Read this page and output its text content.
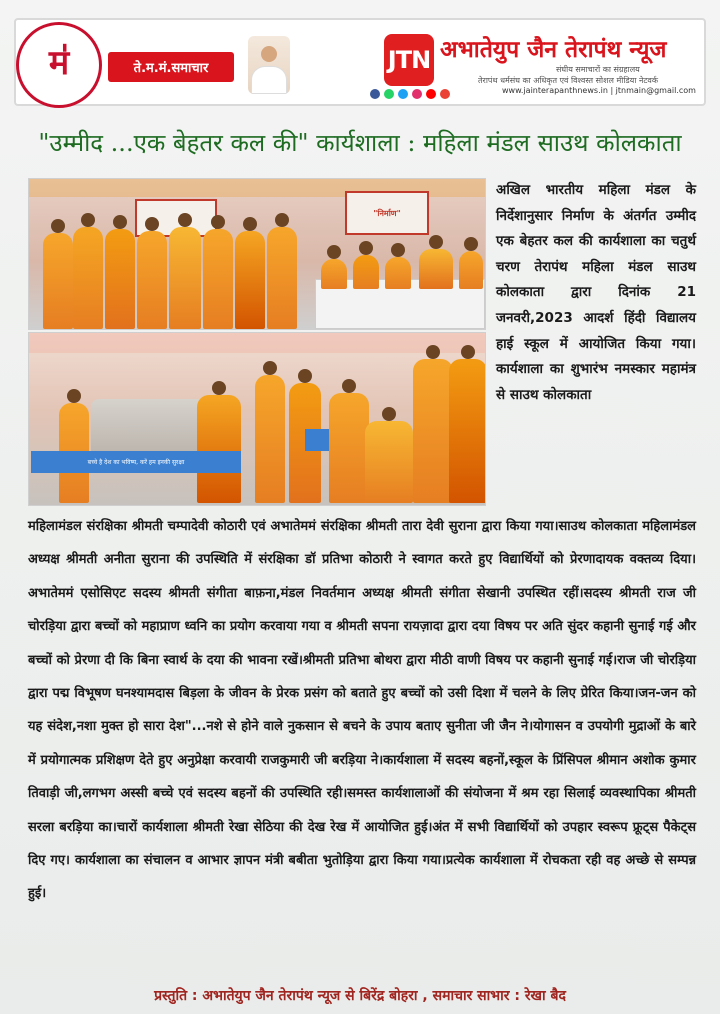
म॑	ते.म.मं.समाचार	JTN अभातेयुप जैन तेरापंथ न्यूज
संघीय समाचारों का संग्रहालय
तेरापंथ धर्मसंघ का अधिकृत एवं विश्वस्त सोशल मीडिया नेटवर्क
www.jainterapanthnews.in | jtnmain@gmail.com
"उम्मीद ...एक बेहतर कल की" कार्यशाला : महिला मंडल साउथ कोलकाता
"निर्माण"
बच्चे है देश का भविष्य, करें हम इनकी सुरक्षा
अखिल भारतीय महिला मंडल के निर्देशानुसार निर्माण के अंतर्गत उम्मीद एक बेहतर कल की कार्यशाला का चतुर्थ चरण तेरापंथ महिला मंडल साउथ कोलकाता द्वारा दिनांक 21 जनवरी,2023 आदर्श हिंदी विद्यालय हाई स्कूल में आयोजित किया गया। कार्यशाला का शुभारंभ नमस्कार महामंत्र से साउथ कोलकाता
महिलामंडल संरक्षिका श्रीमती चम्पादेवी कोठारी एवं अभातेममं संरक्षिका श्रीमती तारा देवी सुराना द्वारा किया गया।साउथ कोलकाता महिलामंडल अध्यक्ष श्रीमती अनीता सुराना की उपस्थिति में संरक्षिका डॉ प्रतिभा कोठारी ने स्वागत करते हुए विद्यार्थियों को प्रेरणादायक वक्तव्य दिया।अभातेममं एसोसिएट सदस्य श्रीमती संगीता बाफ़ना,मंडल निवर्तमान अध्यक्ष श्रीमती संगीता सेखानी उपस्थित रहीं।सदस्य श्रीमती राज जी चोरड़िया द्वारा बच्चों को महाप्राण ध्वनि का प्रयोग करवाया गया व श्रीमती सपना रायज़ादा द्वारा दया विषय पर अति सुंदर कहानी सुनाई गई और बच्चों को प्रेरणा दी कि बिना स्वार्थ के दया की भावना रखें।श्रीमती प्रतिभा बोथरा द्वारा मीठी वाणी विषय पर कहानी सुनाई गई।राज जी चोरड़िया द्वारा पद्म विभूषण घनश्यामदास बिड़ला के जीवन के प्रेरक प्रसंग को बताते हुए बच्चों को उसी दिशा में चलने के लिए प्रेरित किया।जन-जन को यह संदेश,नशा मुक्त हो सारा देश"...नशे से होने वाले नुकसान से बचने के उपाय बताए सुनीता जी जैन ने।योगासन व उपयोगी मुद्राओं के बारे में प्रयोगात्मक प्रशिक्षण देते हुए अनुप्रेक्षा करवायी राजकुमारी जी बरड़िया ने।कार्यशाला में सदस्य बहनों,स्कूल के प्रिंसिपल श्रीमान अशोक कुमार तिवाड़ी जी,लगभग अस्सी बच्चे एवं सदस्य बहनों की उपस्थिति रही।समस्त कार्यशालाओं की संयोजना में श्रम रहा सिलाई व्यवस्थापिका श्रीमती सरला बरड़िया का।चारों कार्यशाला श्रीमती रेखा सेठिया की देख रेख में आयोजित हुई।अंत में सभी विद्यार्थियों को उपहार स्वरूप फ्रूट्स पैकेट्स दिए गए। कार्यशाला का संचालन व आभार ज्ञापन मंत्री बबीता भुतोड़िया द्वारा किया गया।प्रत्येक कार्यशाला में रोचकता रही वह अच्छे से सम्पन्न हुई।
प्रस्तुति : अभातेयुप जैन तेरापंथ न्यूज से बिरेंद्र बोहरा , समाचार साभार : रेखा बैद
